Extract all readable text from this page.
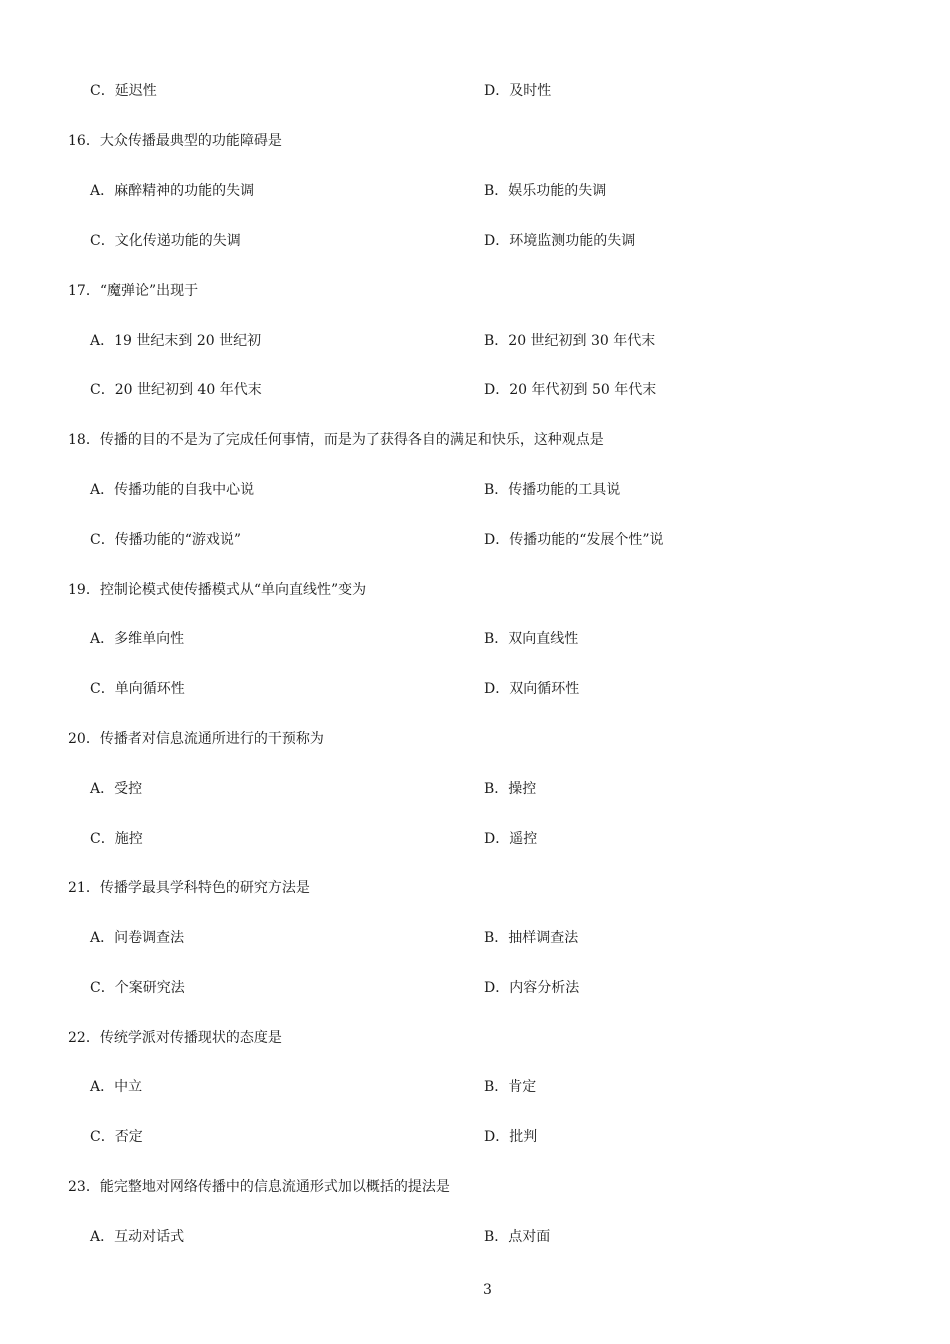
C．延迟性	D．及时性
16．大众传播最典型的功能障碍是
A．麻醉精神的功能的失调	B．娱乐功能的失调
C．文化传递功能的失调	D．环境监测功能的失调
17．“魔弹论”出现于
A．19 世纪末到 20 世纪初	B．20 世纪初到 30 年代末
C．20 世纪初到 40 年代末	D．20 年代初到 50 年代末
18．传播的目的不是为了完成任何事情，而是为了获得各自的满足和快乐，这种观点是
A．传播功能的自我中心说	B．传播功能的工具说
C．传播功能的“游戏说”	D．传播功能的“发展个性”说
19．控制论模式使传播模式从“单向直线性”变为
A．多维单向性	B．双向直线性
C．单向循环性	D．双向循环性
20．传播者对信息流通所进行的干预称为
A．受控	B．操控
C．施控	D．遥控
21．传播学最具学科特色的研究方法是
A．问卷调查法	B．抽样调查法
C．个案研究法	D．内容分析法
22．传统学派对传播现状的态度是
A．中立	B．肯定
C．否定	D．批判
23．能完整地对网络传播中的信息流通形式加以概括的提法是
A．互动对话式	B．点对面
3
